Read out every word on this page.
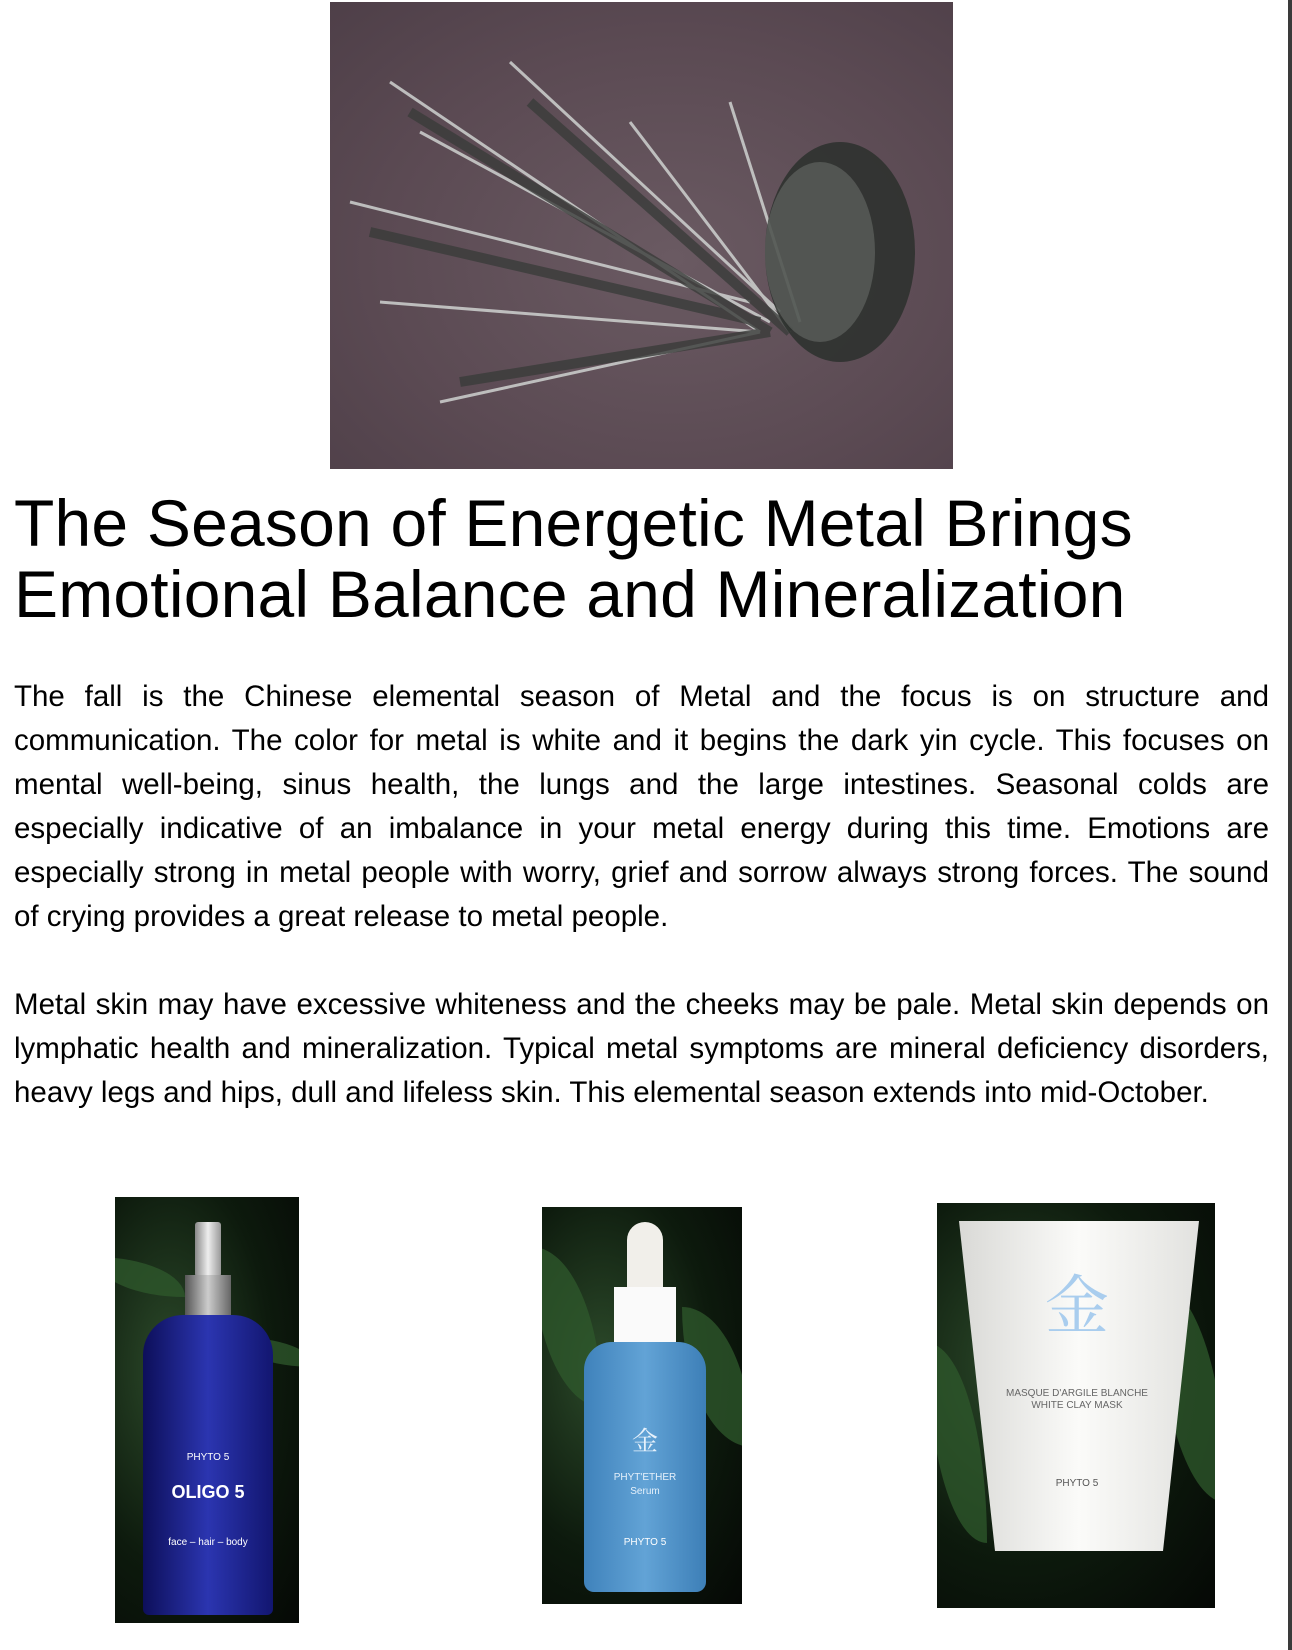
The Season of Energetic Metal Brings Emotional Balance and Mineralization

The fall is the Chinese elemental season of Metal and the focus is on structure and communication. The color for metal is white and it begins the dark yin cycle. This focuses on mental well-being, sinus health, the lungs and the large intestines. Seasonal colds are especially indicative of an imbalance in your metal energy during this time. Emotions are especially strong in metal people with worry, grief and sorrow always strong forces. The sound of crying provides a great release to metal people.

Metal skin may have excessive whiteness and the cheeks may be pale. Metal skin depends on lymphatic health and mineralization. Typical metal symptoms are mineral deficiency disorders, heavy legs and hips, dull and lifeless skin. This elemental season extends into mid-October.

PHYTO 5
OLIGO 5
face – hair – body
金
PHYT'ETHER
Serum
PHYTO 5
金
MASQUE D'ARGILE BLANCHE
WHITE CLAY MASK
PHYTO 5
